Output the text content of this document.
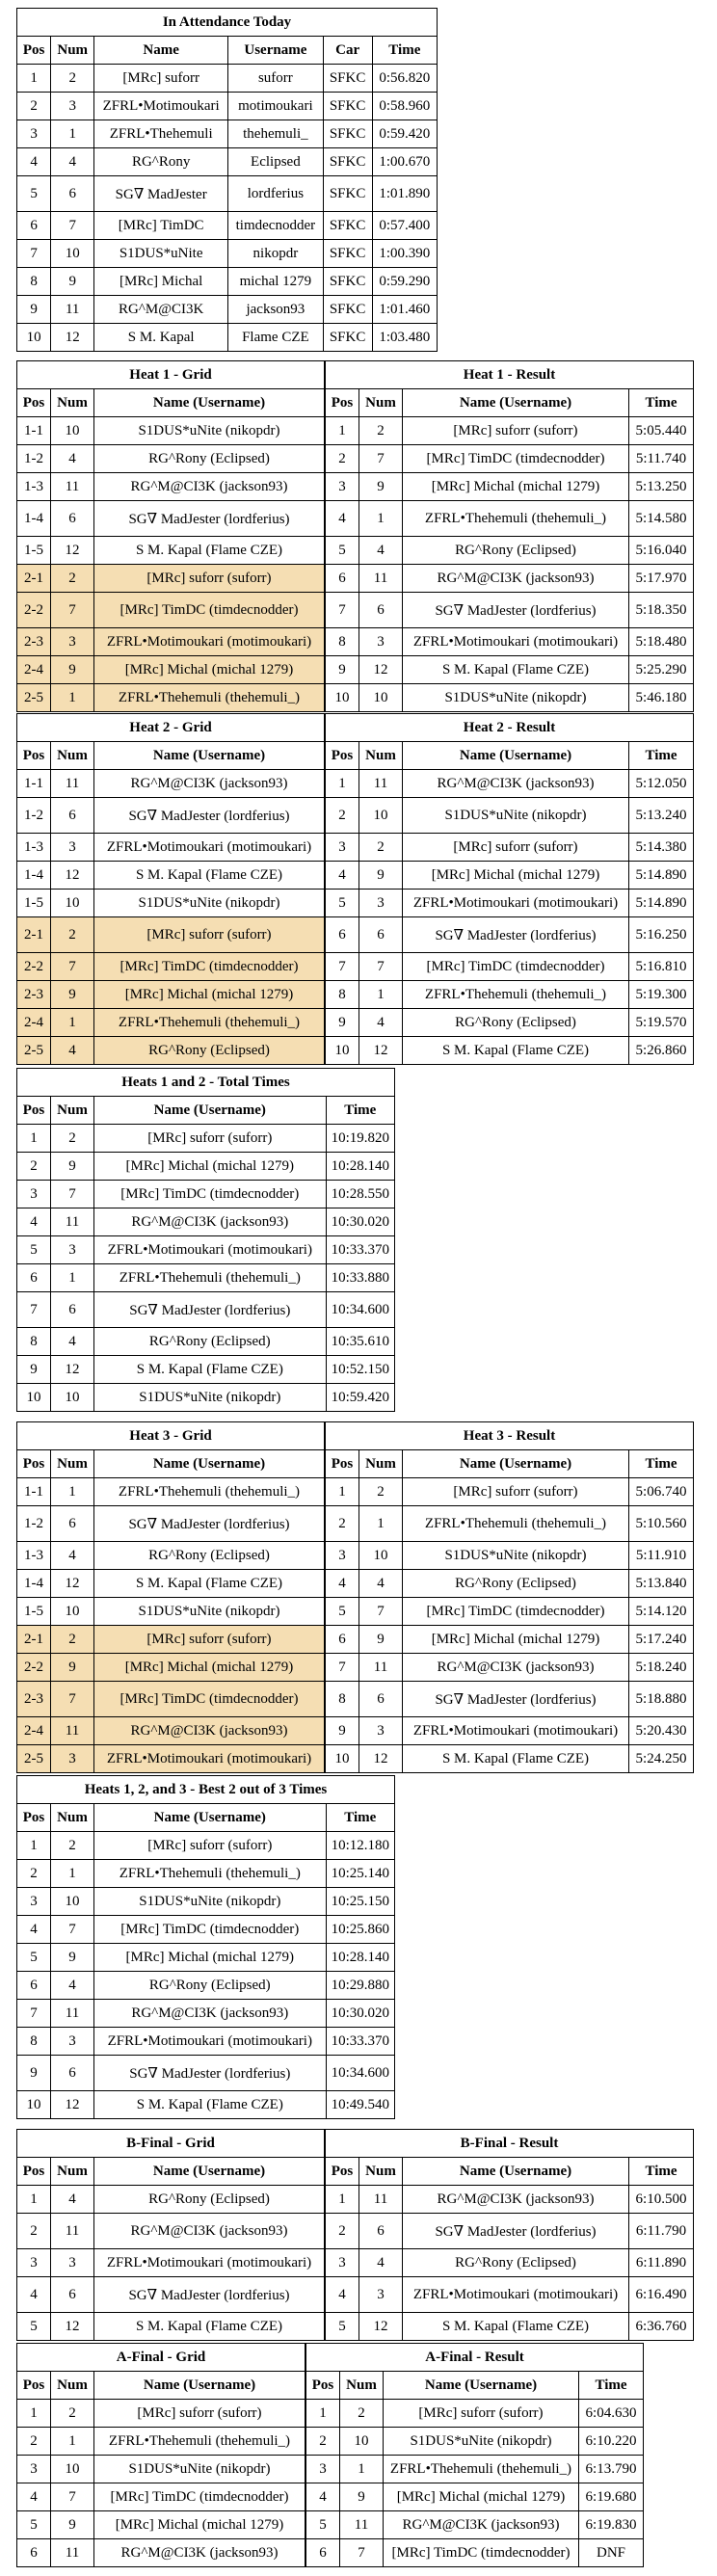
In Attendance Today					
Pos	Num	Name	Username	Car	Time
1	2	[MRc] suforr	suforr	SFKC	0:56.820
2	3	ZFRL•Motimoukari	motimoukari	SFKC	0:58.960
3	1	ZFRL•Thehemuli	thehemuli_	SFKC	0:59.420
4	4	RG^Rony	Eclipsed	SFKC	1:00.670
5	6	SG∇ MadJester	lordferius	SFKC	1:01.890
6	7	[MRc] TimDC	timdecnodder	SFKC	0:57.400
7	10	S1DUS*uNite	nikopdr	SFKC	1:00.390
8	9	[MRc] Michal	michal 1279	SFKC	0:59.290
9	11	RG^M@CI3K	jackson93	SFKC	1:01.460
10	12	S M. Kapal	Flame CZE	SFKC	1:03.480
Heat 1 - Grid
Pos	Num	Name (Username)
1-1	10	S1DUS*uNite (nikopdr)
1-2	4	RG^Rony (Eclipsed)
1-3	11	RG^M@CI3K (jackson93)
1-4	6	SG∇ MadJester (lordferius)
1-5	12	S M. Kapal (Flame CZE)
2-1	2	[MRc] suforr (suforr)
2-2	7	[MRc] TimDC (timdecnodder)
2-3	3	ZFRL•Motimoukari (motimoukari)
2-4	9	[MRc] Michal (michal 1279)
2-5	1	ZFRL•Thehemuli (thehemuli_)

Heat 1 - Result
Pos	Num	Name (Username)	Time
1	2	[MRc] suforr (suforr)	5:05.440
2	7	[MRc] TimDC (timdecnodder)	5:11.740
3	9	[MRc] Michal (michal 1279)	5:13.250
4	1	ZFRL•Thehemuli (thehemuli_)	5:14.580
5	4	RG^Rony (Eclipsed)	5:16.040
6	11	RG^M@CI3K (jackson93)	5:17.970
7	6	SG∇ MadJester (lordferius)	5:18.350
8	3	ZFRL•Motimoukari (motimoukari)	5:18.480
9	12	S M. Kapal (Flame CZE)	5:25.290
10	10	S1DUS*uNite (nikopdr)	5:46.180
Heat 2 - Grid
Pos	Num	Name (Username)
1-1	11	RG^M@CI3K (jackson93)
1-2	6	SG∇ MadJester (lordferius)
1-3	3	ZFRL•Motimoukari (motimoukari)
1-4	12	S M. Kapal (Flame CZE)
1-5	10	S1DUS*uNite (nikopdr)
2-1	2	[MRc] suforr (suforr)
2-2	7	[MRc] TimDC (timdecnodder)
2-3	9	[MRc] Michal (michal 1279)
2-4	1	ZFRL•Thehemuli (thehemuli_)
2-5	4	RG^Rony (Eclipsed)

Heat 2 - Result
Pos	Num	Name (Username)	Time
1	11	RG^M@CI3K (jackson93)	5:12.050
2	10	S1DUS*uNite (nikopdr)	5:13.240
3	2	[MRc] suforr (suforr)	5:14.380
4	9	[MRc] Michal (michal 1279)	5:14.890
5	3	ZFRL•Motimoukari (motimoukari)	5:14.890
6	6	SG∇ MadJester (lordferius)	5:16.250
7	7	[MRc] TimDC (timdecnodder)	5:16.810
8	1	ZFRL•Thehemuli (thehemuli_)	5:19.300
9	4	RG^Rony (Eclipsed)	5:19.570
10	12	S M. Kapal (Flame CZE)	5:26.860
Heats 1 and 2 - Total Times			
Pos	Num	Name (Username)	Time
1	2	[MRc] suforr (suforr)	10:19.820
2	9	[MRc] Michal (michal 1279)	10:28.140
3	7	[MRc] TimDC (timdecnodder)	10:28.550
4	11	RG^M@CI3K (jackson93)	10:30.020
5	3	ZFRL•Motimoukari (motimoukari)	10:33.370
6	1	ZFRL•Thehemuli (thehemuli_)	10:33.880
7	6	SG∇ MadJester (lordferius)	10:34.600
8	4	RG^Rony (Eclipsed)	10:35.610
9	12	S M. Kapal (Flame CZE)	10:52.150
10	10	S1DUS*uNite (nikopdr)	10:59.420
Heat 3 - Grid
Pos	Num	Name (Username)
1-1	1	ZFRL•Thehemuli (thehemuli_)
1-2	6	SG∇ MadJester (lordferius)
1-3	4	RG^Rony (Eclipsed)
1-4	12	S M. Kapal (Flame CZE)
1-5	10	S1DUS*uNite (nikopdr)
2-1	2	[MRc] suforr (suforr)
2-2	9	[MRc] Michal (michal 1279)
2-3	7	[MRc] TimDC (timdecnodder)
2-4	11	RG^M@CI3K (jackson93)
2-5	3	ZFRL•Motimoukari (motimoukari)

Heat 3 - Result
Pos	Num	Name (Username)	Time
1	2	[MRc] suforr (suforr)	5:06.740
2	1	ZFRL•Thehemuli (thehemuli_)	5:10.560
3	10	S1DUS*uNite (nikopdr)	5:11.910
4	4	RG^Rony (Eclipsed)	5:13.840
5	7	[MRc] TimDC (timdecnodder)	5:14.120
6	9	[MRc] Michal (michal 1279)	5:17.240
7	11	RG^M@CI3K (jackson93)	5:18.240
8	6	SG∇ MadJester (lordferius)	5:18.880
9	3	ZFRL•Motimoukari (motimoukari)	5:20.430
10	12	S M. Kapal (Flame CZE)	5:24.250
Heats 1, 2, and 3 - Best 2 out of 3 Times			
Pos	Num	Name (Username)	Time
1	2	[MRc] suforr (suforr)	10:12.180
2	1	ZFRL•Thehemuli (thehemuli_)	10:25.140
3	10	S1DUS*uNite (nikopdr)	10:25.150
4	7	[MRc] TimDC (timdecnodder)	10:25.860
5	9	[MRc] Michal (michal 1279)	10:28.140
6	4	RG^Rony (Eclipsed)	10:29.880
7	11	RG^M@CI3K (jackson93)	10:30.020
8	3	ZFRL•Motimoukari (motimoukari)	10:33.370
9	6	SG∇ MadJester (lordferius)	10:34.600
10	12	S M. Kapal (Flame CZE)	10:49.540
B-Final - Grid
Pos	Num	Name (Username)
1	4	RG^Rony (Eclipsed)
2	11	RG^M@CI3K (jackson93)
3	3	ZFRL•Motimoukari (motimoukari)
4	6	SG∇ MadJester (lordferius)
5	12	S M. Kapal (Flame CZE)

B-Final - Result
Pos	Num	Name (Username)	Time
1	11	RG^M@CI3K (jackson93)	6:10.500
2	6	SG∇ MadJester (lordferius)	6:11.790
3	4	RG^Rony (Eclipsed)	6:11.890
4	3	ZFRL•Motimoukari (motimoukari)	6:16.490
5	12	S M. Kapal (Flame CZE)	6:36.760
A-Final - Grid
Pos	Num	Name (Username)
1	2	[MRc] suforr (suforr)
2	1	ZFRL•Thehemuli (thehemuli_)
3	10	S1DUS*uNite (nikopdr)
4	7	[MRc] TimDC (timdecnodder)
5	9	[MRc] Michal (michal 1279)
6	11	RG^M@CI3K (jackson93)

A-Final - Result
Pos	Num	Name (Username)	Time
1	2	[MRc] suforr (suforr)	6:04.630
2	10	S1DUS*uNite (nikopdr)	6:10.220
3	1	ZFRL•Thehemuli (thehemuli_)	6:13.790
4	9	[MRc] Michal (michal 1279)	6:19.680
5	11	RG^M@CI3K (jackson93)	6:19.830
6	7	[MRc] TimDC (timdecnodder)	DNF
